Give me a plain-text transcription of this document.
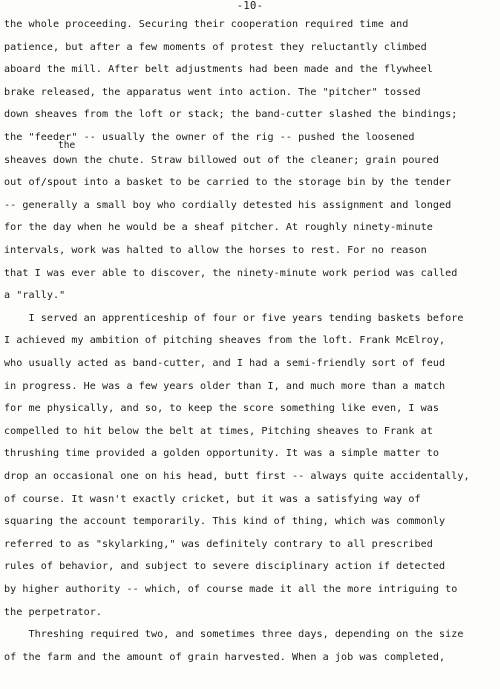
-10-
the
the whole proceeding. Securing their cooperation required time and
patience, but after a few moments of protest they reluctantly climbed
aboard the mill. After belt adjustments had been made and the flywheel
brake released, the apparatus went into action. The "pitcher" tossed
down sheaves from the loft or stack; the band-cutter slashed the bindings;
the "feeder" -- usually the owner of the rig -- pushed the loosened
sheaves down the chute. Straw billowed out of the cleaner; grain poured
out of/spout into a basket to be carried to the storage bin by the tender
-- generally a small boy who cordially detested his assignment and longed
for the day when he would be a sheaf pitcher. At roughly ninety-minute
intervals, work was halted to allow the horses to rest. For no reason
that I was ever able to discover, the ninety-minute work period was called
a "rally."
I served an apprenticeship of four or five years tending baskets before
I achieved my ambition of pitching sheaves from the loft. Frank McElroy,
who usually acted as band-cutter, and I had a semi-friendly sort of feud
in progress. He was a few years older than I, and much more than a match
for me physically, and so, to keep the score something like even, I was
compelled to hit below the belt at times, Pitching sheaves to Frank at
thrushing time provided a golden opportunity. It was a simple matter to
drop an occasional one on his head, butt first -- always quite accidentally,
of course. It wasn't exactly cricket, but it was a satisfying way of
squaring the account temporarily. This kind of thing, which was commonly
referred to as "skylarking," was definitely contrary to all prescribed
rules of behavior, and subject to severe disciplinary action if detected
by higher authority -- which, of course made it all the more intriguing to
the perpetrator.
Threshing required two, and sometimes three days, depending on the size
of the farm and the amount of grain harvested. When a job was completed,
